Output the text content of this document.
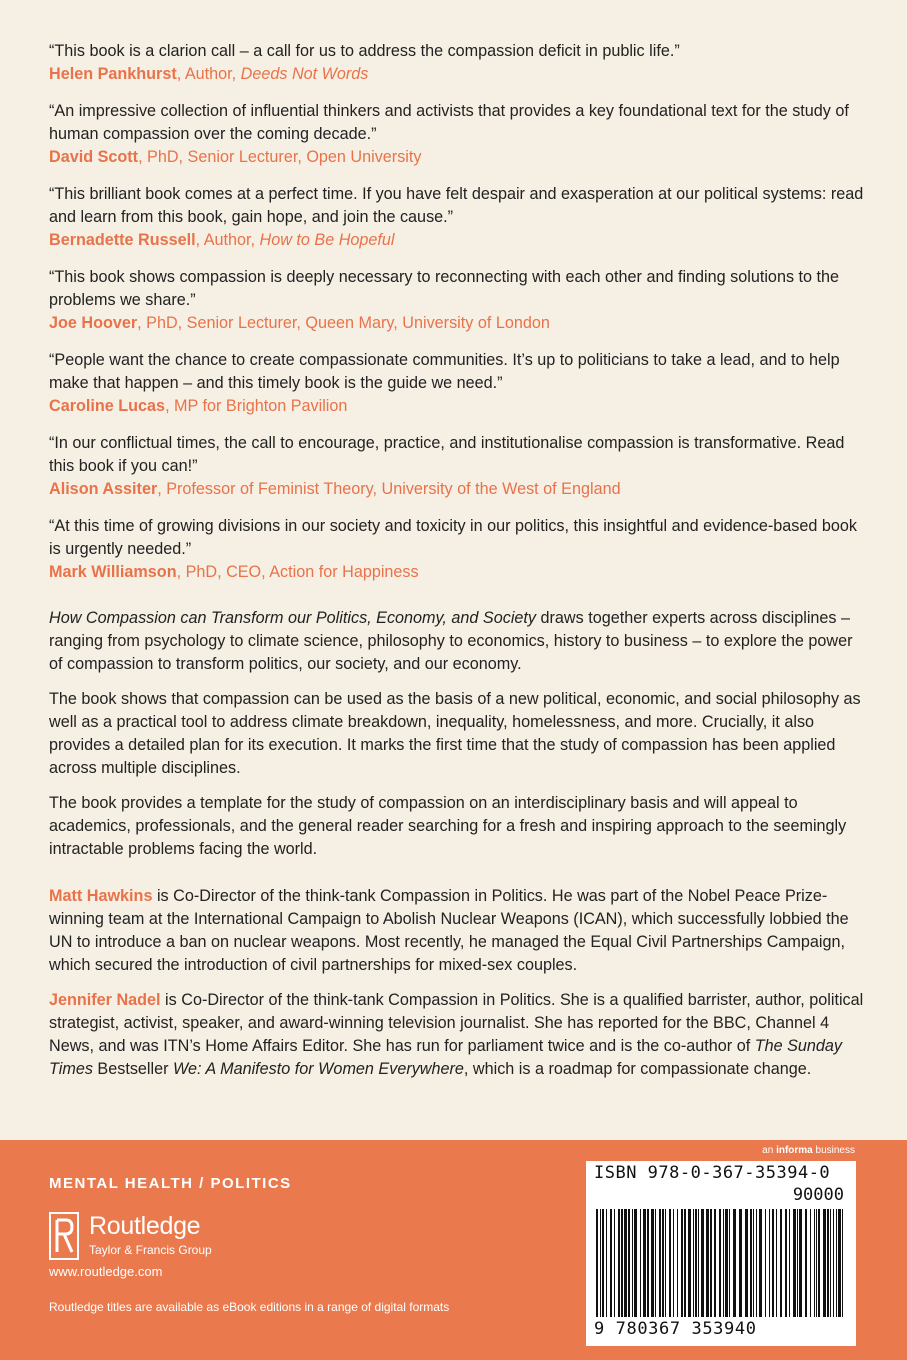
“This book is a clarion call – a call for us to address the compassion deficit in public life.”
Helen Pankhurst, Author, Deeds Not Words
“An impressive collection of influential thinkers and activists that provides a key foundational text for the study of human compassion over the coming decade.”
David Scott, PhD, Senior Lecturer, Open University
“This brilliant book comes at a perfect time. If you have felt despair and exasperation at our political systems: read and learn from this book, gain hope, and join the cause.”
Bernadette Russell, Author, How to Be Hopeful
“This book shows compassion is deeply necessary to reconnecting with each other and finding solutions to the problems we share.”
Joe Hoover, PhD, Senior Lecturer, Queen Mary, University of London
“People want the chance to create compassionate communities. It’s up to politicians to take a lead, and to help make that happen – and this timely book is the guide we need.”
Caroline Lucas, MP for Brighton Pavilion
“In our conflictual times, the call to encourage, practice, and institutionalise compassion is transformative. Read this book if you can!”
Alison Assiter, Professor of Feminist Theory, University of the West of England
“At this time of growing divisions in our society and toxicity in our politics, this insightful and evidence-based book is urgently needed.”
Mark Williamson, PhD, CEO, Action for Happiness

How Compassion can Transform our Politics, Economy, and Society draws together experts across disciplines – ranging from psychology to climate science, philosophy to economics, history to business – to explore the power of compassion to transform politics, our society, and our economy.

The book shows that compassion can be used as the basis of a new political, economic, and social philosophy as well as a practical tool to address climate breakdown, inequality, homelessness, and more. Crucially, it also provides a detailed plan for its execution. It marks the first time that the study of compassion has been applied across multiple disciplines.

The book provides a template for the study of compassion on an interdisciplinary basis and will appeal to academics, professionals, and the general reader searching for a fresh and inspiring approach to the seemingly intractable problems facing the world.

Matt Hawkins is Co-Director of the think-tank Compassion in Politics. He was part of the Nobel Peace Prize-winning team at the International Campaign to Abolish Nuclear Weapons (ICAN), which successfully lobbied the UN to introduce a ban on nuclear weapons. Most recently, he managed the Equal Civil Partnerships Campaign, which secured the introduction of civil partnerships for mixed-sex couples.

Jennifer Nadel is Co-Director of the think-tank Compassion in Politics. She is a qualified barrister, author, political strategist, activist, speaker, and award-winning television journalist. She has reported for the BBC, Channel 4 News, and was ITN’s Home Affairs Editor. She has run for parliament twice and is the co-author of The Sunday Times Bestseller We: A Manifesto for Women Everywhere, which is a roadmap for compassionate change.

an informa business
MENTAL HEALTH / POLITICS
Routledge
Taylor & Francis Group
www.routledge.com
Routledge titles are available as eBook editions in a range of digital formats
ISBN 978-0-367-35394-0
90000
9 780367 353940
